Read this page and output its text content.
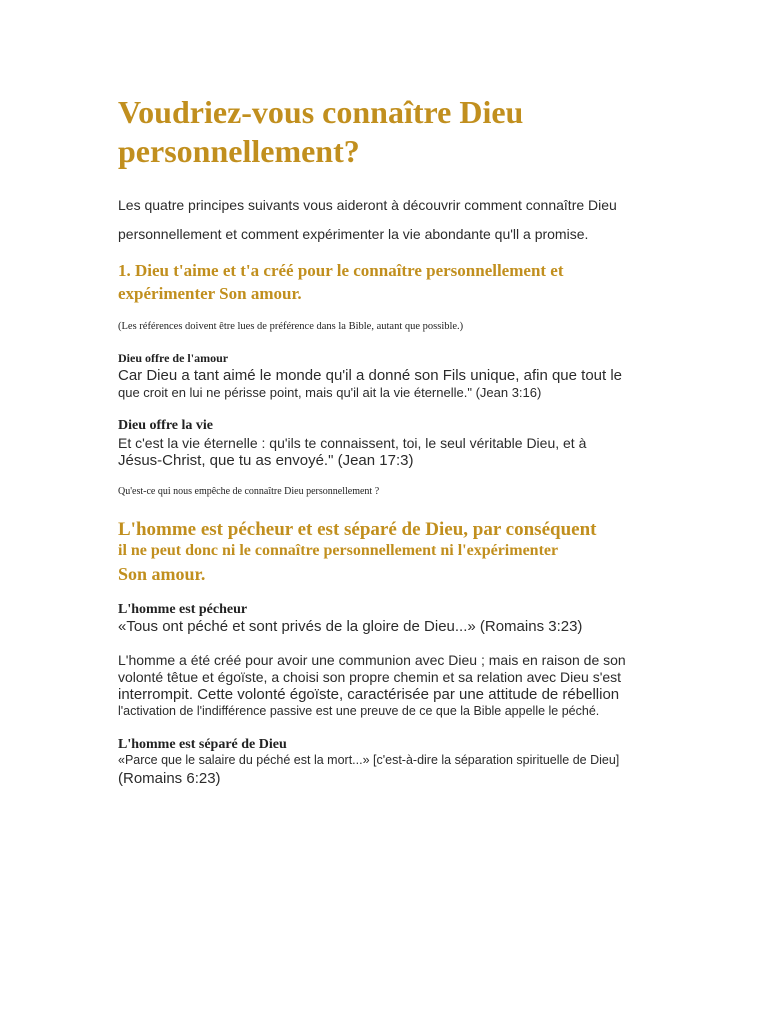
Voudriez-vous connaître Dieu
personnellement?
Les quatre principes suivants vous aideront à découvrir comment connaître Dieu
personnellement et comment expérimenter la vie abondante qu'll a promise.
1. Dieu t'aime et t'a créé pour le connaître personnellement et
expérimenter Son amour.
(Les références doivent être lues de préférence dans la Bible, autant que possible.)
Dieu offre de l'amour
Car Dieu a tant aimé le monde qu'il a donné son Fils unique, afin que tout le
que croit en lui ne périsse point, mais qu'il ait la vie éternelle." (Jean 3:16)
Dieu offre la vie
Et c'est la vie éternelle : qu'ils te connaissent, toi, le seul véritable Dieu, et à
Jésus-Christ, que tu as envoyé." (Jean 17:3)
Qu'est-ce qui nous empêche de connaître Dieu personnellement ?
L'homme est pécheur et est séparé de Dieu, par conséquent
il ne peut donc ni le connaître personnellement ni l'expérimenter
Son amour.
L'homme est pécheur
«Tous ont péché et sont privés de la gloire de Dieu...» (Romains 3:23)
L'homme a été créé pour avoir une communion avec Dieu ; mais en raison de son
volonté têtue et égoïste, a choisi son propre chemin et sa relation avec Dieu s'est
interrompit. Cette volonté égoïste, caractérisée par une attitude de rébellion
l'activation de l'indifférence passive est une preuve de ce que la Bible appelle le péché.
L'homme est séparé de Dieu
«Parce que le salaire du péché est la mort...» [c'est-à-dire la séparation spirituelle de Dieu]
(Romains 6:23)
